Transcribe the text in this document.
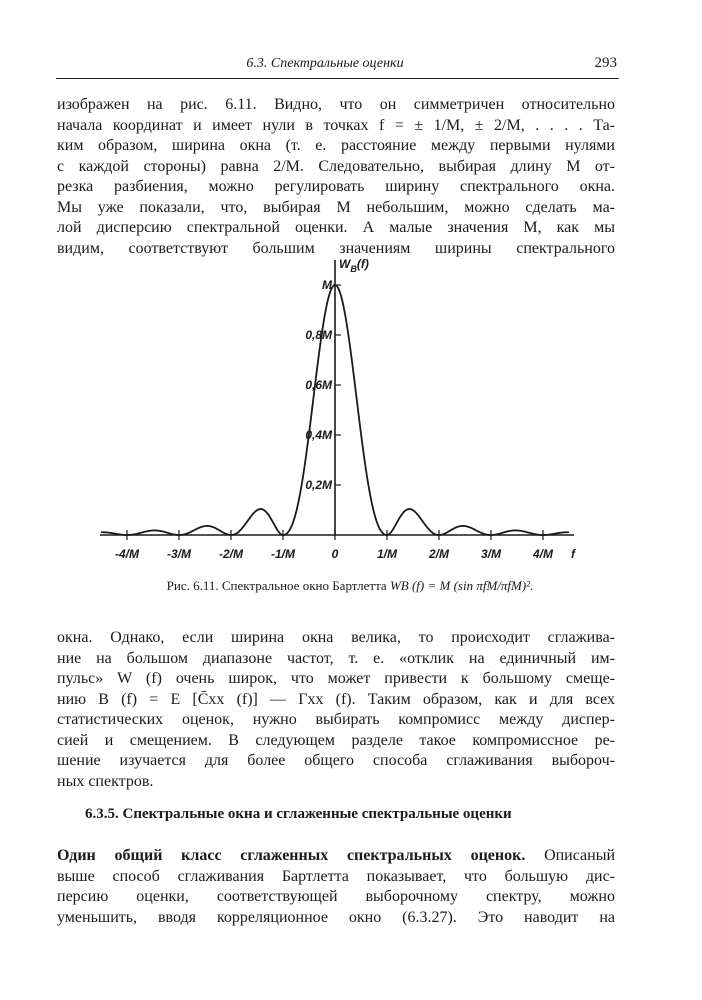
6.3. Спектральные оценки	293

изображен на рис. 6.11. Видно, что он симметричен относительно
начала координат и имеет нули в точках f = ± 1/M, ± 2/M, . . . . Та-
ким образом, ширина окна (т. е. расстояние между первыми нулями
с каждой стороны) равна 2/M. Следовательно, выбирая длину M от-
резка разбиения, можно регулировать ширину спектрального окна.
Мы уже показали, что, выбирая M небольшим, можно сделать ма-
лой дисперсию спектральной оценки. А малые значения M, как мы
видим, соответствуют большим значениям ширины спектрального

-4/M -3/M -2/M -1/M	0	1/M	2/M	3/M	4/M f
0,2M
0,4M
0,6M
0,8M
M
$W_B(f)$
Рис. 6.11. Спектральное окно Бартлетта WB (f) = M (sin πfM/πfM)².

окна. Однако, если ширина окна велика, то происходит сглажива-
ние на большом диапазоне частот, т. е. «отклик на единичный им-
пульс» W (f) очень широк, что может привести к большому смеще-
нию B (f) = E [C̄xx (f)] — Γxx (f). Таким образом, как и для всех
статистических оценок, нужно выбирать компромисс между диспер-
сией и смещением. В следующем разделе такое компромиссное ре-
шение изучается для более общего способа сглаживания выбороч-
ных спектров.

6.3.5. Спектральные окна и сглаженные спектральные оценки

Один общий класс сглаженных спектральных оценок. Описаный
выше способ сглаживания Бартлетта показывает, что большую дис-
персию оценки, соответствующей выборочному спектру, можно
уменьшить, вводя корреляционное окно (6.3.27). Это наводит на
